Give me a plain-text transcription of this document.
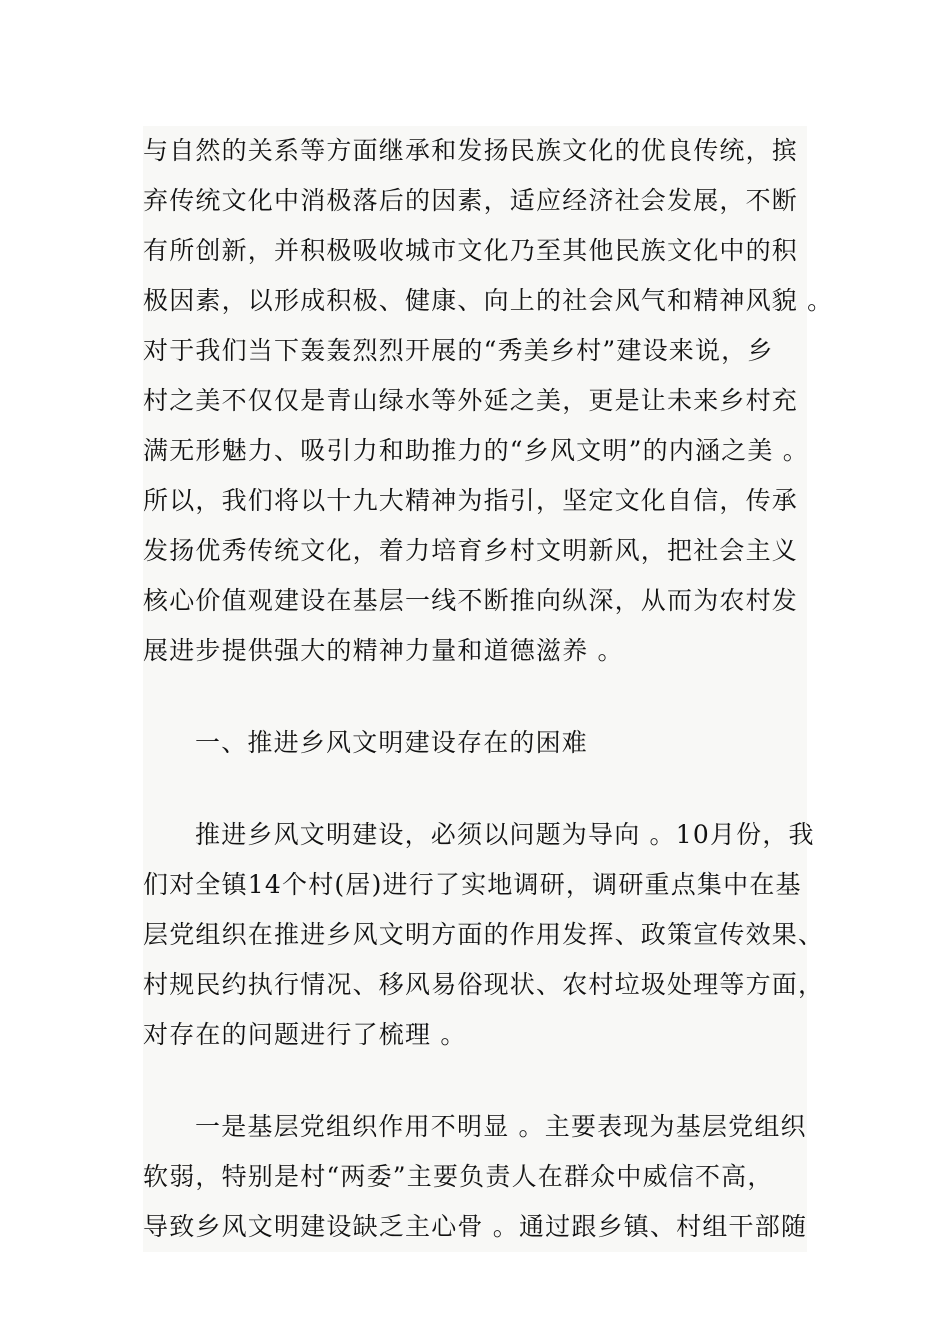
与自然的关系等方面继承和发扬民族文化的优良传统，摈
弃传统文化中消极落后的因素，适应经济社会发展，不断
有所创新，并积极吸收城市文化乃至其他民族文化中的积
极因素，以形成积极、健康、向上的社会风气和精神风貌 。
对于我们当下轰轰烈烈开展的“秀美乡村”建设来说，乡
村之美不仅仅是青山绿水等外延之美，更是让未来乡村充
满无形魅力、吸引力和助推力的“乡风文明”的内涵之美 。
所以，我们将以十九大精神为指引，坚定文化自信，传承
发扬优秀传统文化，着力培育乡村文明新风，把社会主义
核心价值观建设在基层一线不断推向纵深，从而为农村发
展进步提供强大的精神力量和道德滋养 。
一、推进乡风文明建设存在的困难
推进乡风文明建设，必须以问题为导向 。10月份，我
们对全镇14个村(居)进行了实地调研，调研重点集中在基
层党组织在推进乡风文明方面的作用发挥、政策宣传效果、
村规民约执行情况、移风易俗现状、农村垃圾处理等方面，
对存在的问题进行了梳理 。
一是基层党组织作用不明显 。主要表现为基层党组织
软弱，特别是村“两委”主要负责人在群众中威信不高，
导致乡风文明建设缺乏主心骨 。通过跟乡镇、村组干部随
